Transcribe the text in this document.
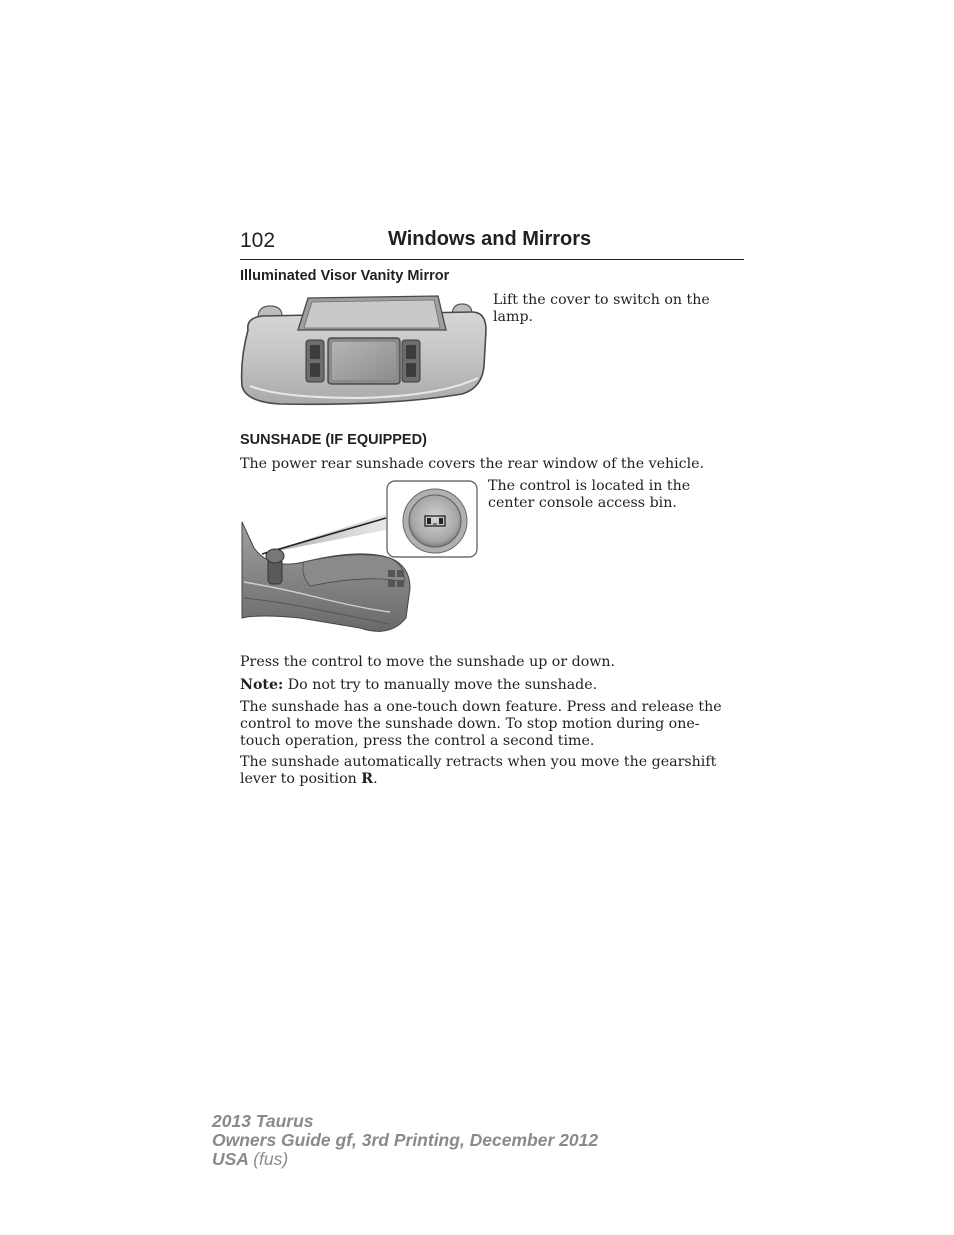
102	Windows and Mirrors
Illuminated Visor Vanity Mirror
Lift the cover to switch on the lamp.
SUNSHADE (IF EQUIPPED)
The power rear sunshade covers the rear window of the vehicle.
The control is located in the center console access bin.
Press the control to move the sunshade up or down.
Note: Do not try to manually move the sunshade.
The sunshade has a one-touch down feature. Press and release the control to move the sunshade down. To stop motion during one-touch operation, press the control a second time.
The sunshade automatically retracts when you move the gearshift lever to position R.
2013 Taurus
Owners Guide gf, 3rd Printing, December 2012
USA (fus)
